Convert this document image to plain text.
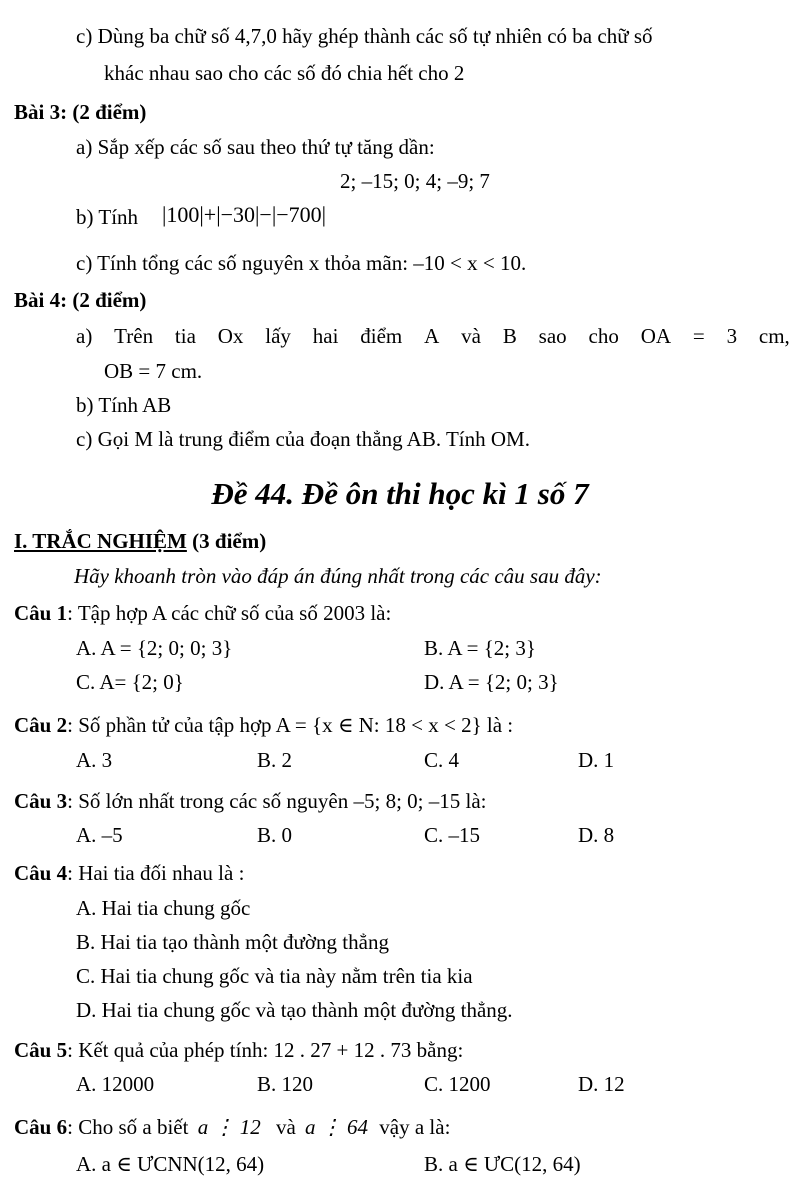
c) Dùng ba chữ số 4,7,0 hãy ghép thành các số tự nhiên có ba chữ số
khác nhau sao cho các số đó chia hết cho 2
Bài 3: (2 điểm)
a) Sắp xếp các số sau theo thứ tự tăng dần:
2; –15; 0; 4; –9; 7
b) Tính |100|+|−30|−|−700|
c) Tính tổng các số nguyên x thỏa mãn: –10 < x < 10.
Bài 4: (2 điểm)
a) Trên tia Ox lấy hai điểm A và B sao cho OA = 3 cm,
OB = 7 cm.
b) Tính AB
c) Gọi M là trung điểm của đoạn thẳng AB. Tính OM.
Đề 44. Đề ôn thi học kì 1 số 7
I. TRẮC NGHIỆM (3 điểm)
Hãy khoanh tròn vào đáp án đúng nhất trong các câu sau đây:
Câu 1: Tập hợp A các chữ số của số 2003 là:
A. A = {2; 0; 0; 3}	B. A = {2; 3}
C. A= {2; 0}	D. A = {2; 0; 3}
Câu 2: Số phần tử của tập hợp A = {x ∈ N: 18 < x < 2} là :
A. 3	B. 2	C. 4	D. 1
Câu 3: Số lớn nhất trong các số nguyên –5; 8; 0; –15 là:
A. –5	B. 0	C. –15	D. 8
Câu 4: Hai tia đối nhau là :
A. Hai tia chung gốc
B. Hai tia tạo thành một đường thẳng
C. Hai tia chung gốc và tia này nằm trên tia kia
D. Hai tia chung gốc và tạo thành một đường thẳng.
Câu 5: Kết quả của phép tính: 12 . 27 + 12 . 73 bằng:
A. 12000	B. 120	C. 1200	D. 12
Câu 6: Cho số a biết a ⋮ 12 và a ⋮ 64 vậy a là:
A. a ∈ ƯCNN(12, 64)	B. a ∈ ƯC(12, 64)
